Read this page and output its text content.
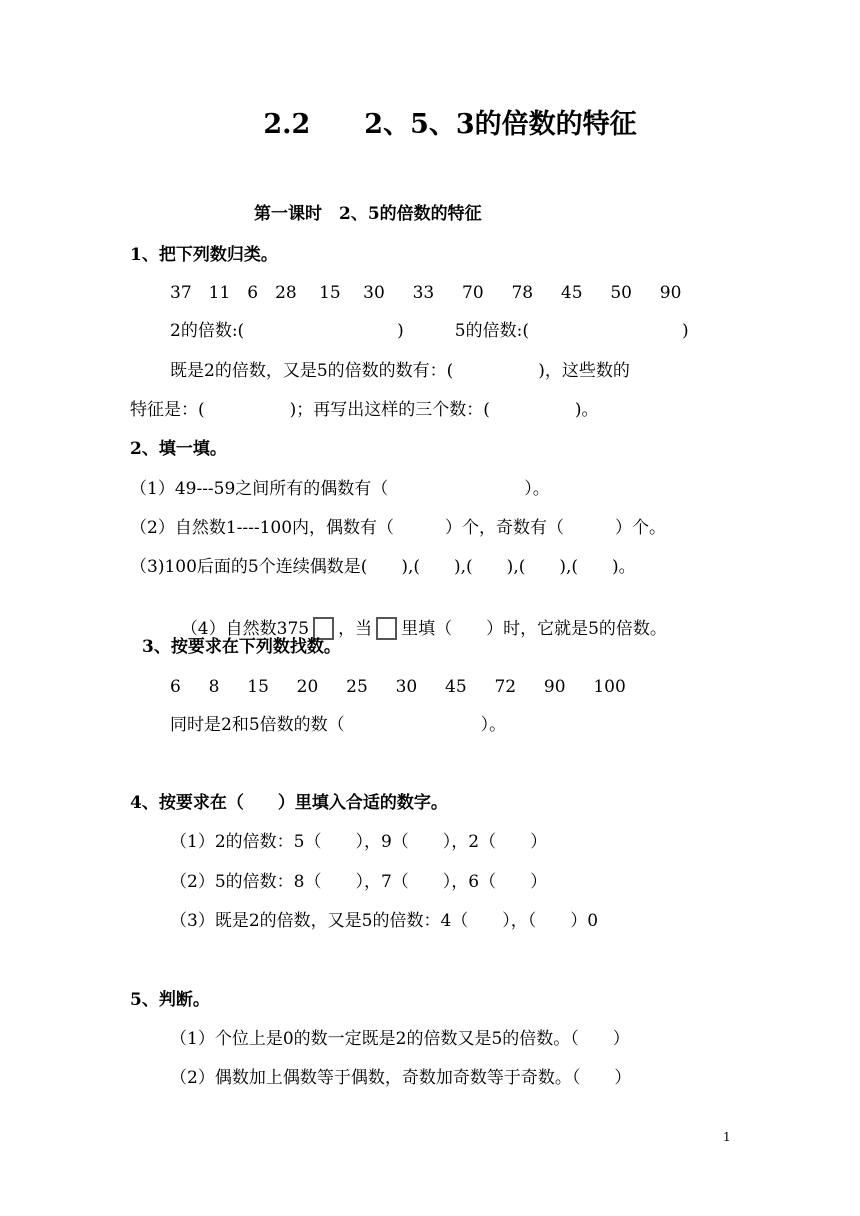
2.2　　2、5、3的倍数的特征
第一课时　2、5的倍数的特征
1、把下列数归类。
37　11　6　28　 15 　30 　 33 　 70 　 78 　 45 　 50 　 90
2的倍数:(　　　　　　　　　)　　　5的倍数:(　　　　　　　　　)
既是2的倍数，又是5的倍数的数有：(　　　　　)，这些数的
特征是：(　　　　　)；再写出这样的三个数：(　　　　　)。
2、填一填。
（1）49---59之间所有的偶数有（　　　　　　　　）。
（2）自然数1----100内，偶数有（　　　）个，奇数有（　　　）个。
（3)100后面的5个连续偶数是(　　),(　　),(　　),(　　),(　　)。

（4）自然数375 ，当 里填（　　）时，它就是5的倍数。

3、按要求在下列数找数。
6 　 8 　 15 　 20 　 25 　 30 　 45 　 72 　 90 　 100
同时是2和5倍数的数（　　　　　　　　）。
4、按要求在（　　）里填入合适的数字。
（1）2的倍数：5（　　），9（　　），2（　　）
（2）5的倍数：8（　　），7（　　），6（　　）
（3）既是2的倍数，又是5的倍数：4（　　），（　　）0
5、判断。
（1）个位上是0的数一定既是2的倍数又是5的倍数。（　　）
（2）偶数加上偶数等于偶数，奇数加奇数等于奇数。（　　）
1
